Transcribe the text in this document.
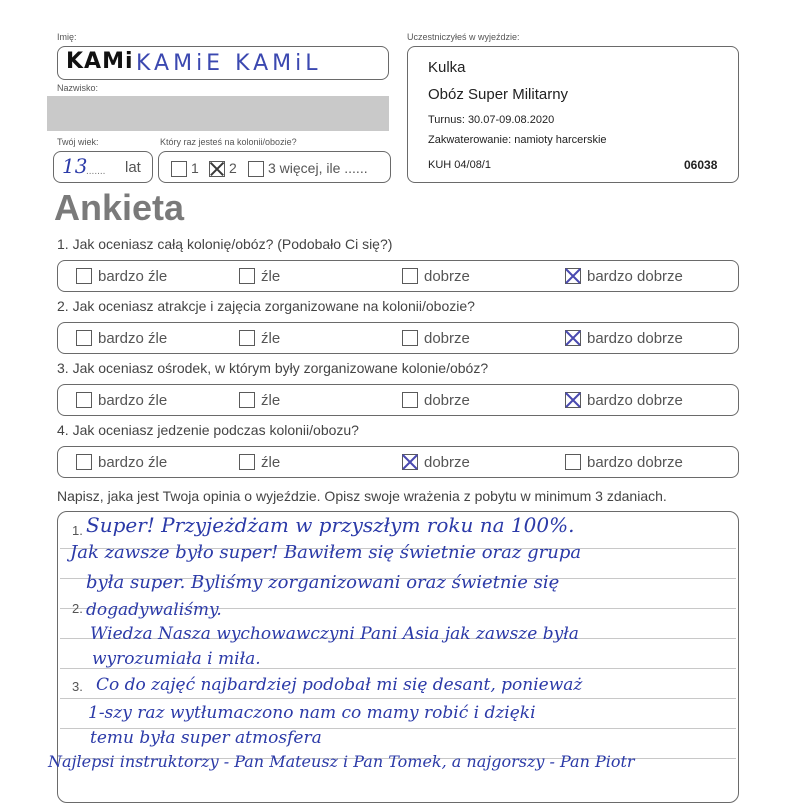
Imię:
KAMi KAMiE KAMiL
Nazwisko:
Twój wiek:
13
....... lat
Który raz jesteś na kolonii/obozie?
1	2	3 więcej, ile ......
Uczestniczyłeś w wyjeździe:
Kulka
Obóz Super Militarny
Turnus: 30.07-09.08.2020
Zakwaterowanie: namioty harcerskie
KUH 04/08/1	06038
Ankieta
1. Jak oceniasz całą kolonię/obóz? (Podobało Ci się?)
bardzo źle	źle	dobrze	bardzo dobrze
2. Jak oceniasz atrakcje i zajęcia zorganizowane na kolonii/obozie?
bardzo źle	źle	dobrze	bardzo dobrze
3. Jak oceniasz ośrodek, w którym były zorganizowane kolonie/obóz?
bardzo źle	źle	dobrze	bardzo dobrze
4. Jak oceniasz jedzenie podczas kolonii/obozu?
bardzo źle	źle	dobrze	bardzo dobrze
Napisz, jaka jest Twoja opinia o wyjeździe. Opisz swoje wrażenia z pobytu w minimum 3 zdaniach.
1.
2.
3.
Super! Przyjeżdżam w przyszłym roku na 100%.
Jak zawsze było super! Bawiłem się świetnie oraz grupa
była super. Byliśmy zorganizowani oraz świetnie się
dogadywaliśmy.
Wiedza Nasza wychowawczyni Pani Asia jak zawsze była
wyrozumiała i miła.
Co do zajęć najbardziej podobał mi się desant, ponieważ
1-szy raz wytłumaczono nam co mamy robić i dzięki
temu była super atmosfera
Najlepsi instruktorzy - Pan Mateusz i Pan Tomek, a najgorszy - Pan Piotr
